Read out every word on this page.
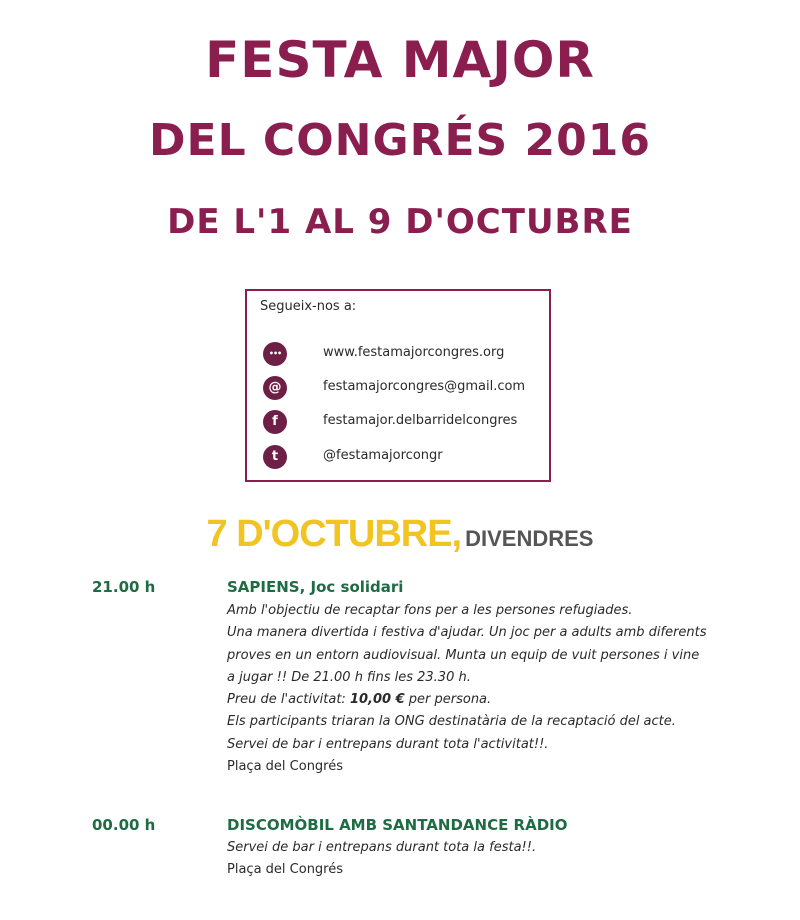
FESTA MAJOR
DEL CONGRÉS 2016
DE L'1 AL 9 D'OCTUBRE
Segueix-nos a:
•••	www.festamajorcongres.org
@	festamajorcongres@gmail.com
f	festamajor.delbarridelcongres
t	@festamajorcongr
7 D'OCTUBRE, DIVENDRES
21.00 h	SAPIENS, Joc solidari
Amb l'objectiu de recaptar fons per a les persones refugiades.
Una manera divertida i festiva d'ajudar. Un joc per a adults amb diferents
proves en un entorn audiovisual. Munta un equip de vuit persones i vine
a jugar !! De 21.00 h fins les 23.30 h.
Preu de l'activitat: 10,00 € per persona.
Els participants triaran la ONG destinatària de la recaptació del acte.
Servei de bar i entrepans durant tota l'activitat!!.
Plaça del Congrés
00.00 h	DISCOMÒBIL AMB SANTANDANCE RÀDIO
Servei de bar i entrepans durant tota la festa!!.
Plaça del Congrés
